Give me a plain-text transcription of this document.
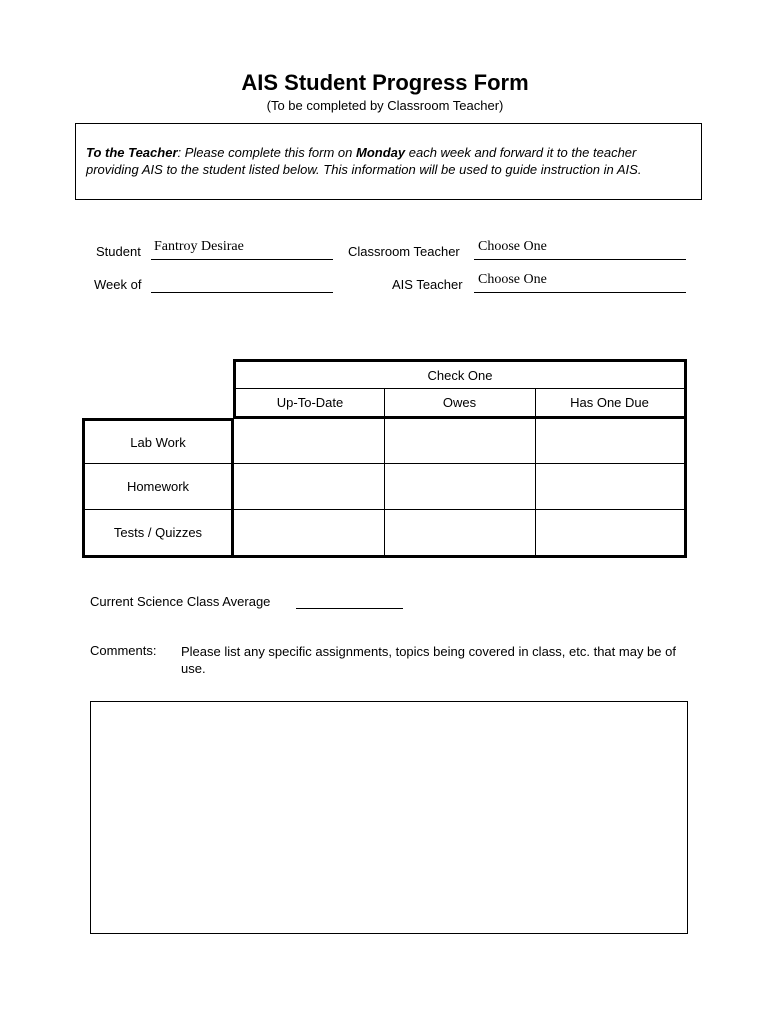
AIS Student Progress Form
(To be completed by Classroom Teacher)
To the Teacher: Please complete this form on Monday each week and forward it to the teacher providing AIS to the student listed below. This information will be used to guide instruction in AIS.
Student Fantroy Desirae	Classroom Teacher Choose One
Week of	AIS Teacher Choose One
Check One
Up-To-Date	Owes	Has One Due
Lab Work
Homework
Tests / Quizzes
Current Science Class Average
Comments: Please list any specific assignments, topics being covered in class, etc. that may be of use.
